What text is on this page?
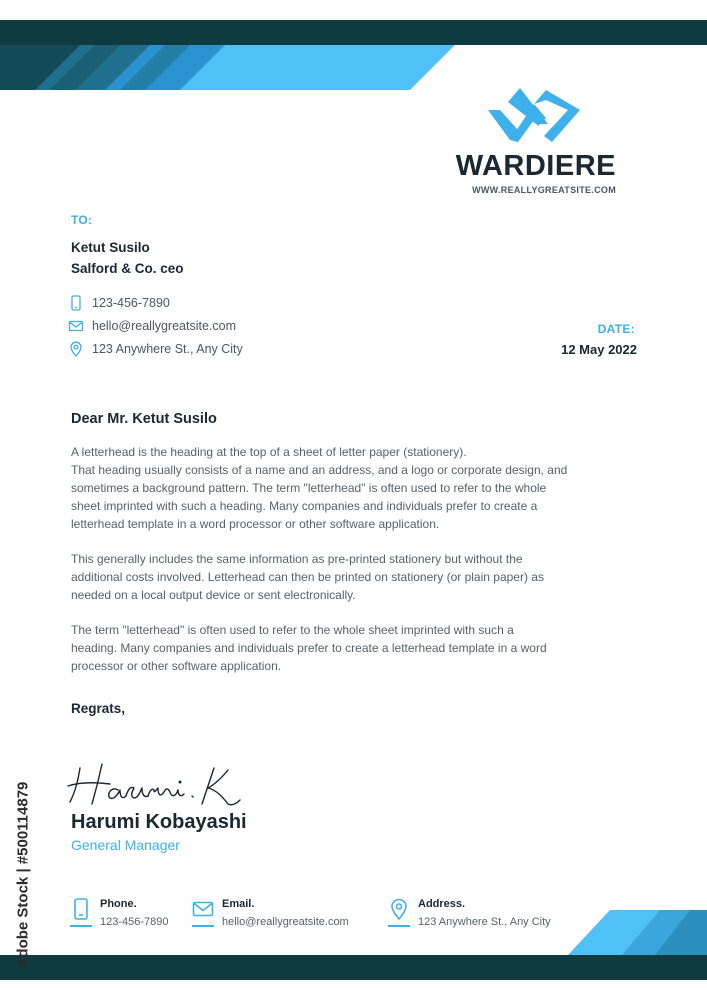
WARDIERE
WWW.REALLYGREATSITE.COM
TO:
Ketut Susilo
Salford & Co. ceo
123-456-7890
hello@reallygreatsite.com
123 Anywhere St., Any City
DATE:
12 May 2022
Dear Mr. Ketut Susilo

A letterhead is the heading at the top of a sheet of letter paper (stationery).
That heading usually consists of a name and an address, and a logo or corporate design, and
sometimes a background pattern. The term "letterhead" is often used to refer to the whole
sheet imprinted with such a heading. Many companies and individuals prefer to create a
letterhead template in a word processor or other software application.

This generally includes the same information as pre-printed stationery but without the
additional costs involved. Letterhead can then be printed on stationery (or plain paper) as
needed on a local output device or sent electronically.

The term "letterhead" is often used to refer to the whole sheet imprinted with such a
heading. Many companies and individuals prefer to create a letterhead template in a word
processor or other software application.

Regrats,
Harumi Kobayashi
General Manager
Phone.
123-456-7890
Email.
hello@reallygreatsite.com
Address.
123 Anywhere St., Any City
Adobe Stock | #500114879
